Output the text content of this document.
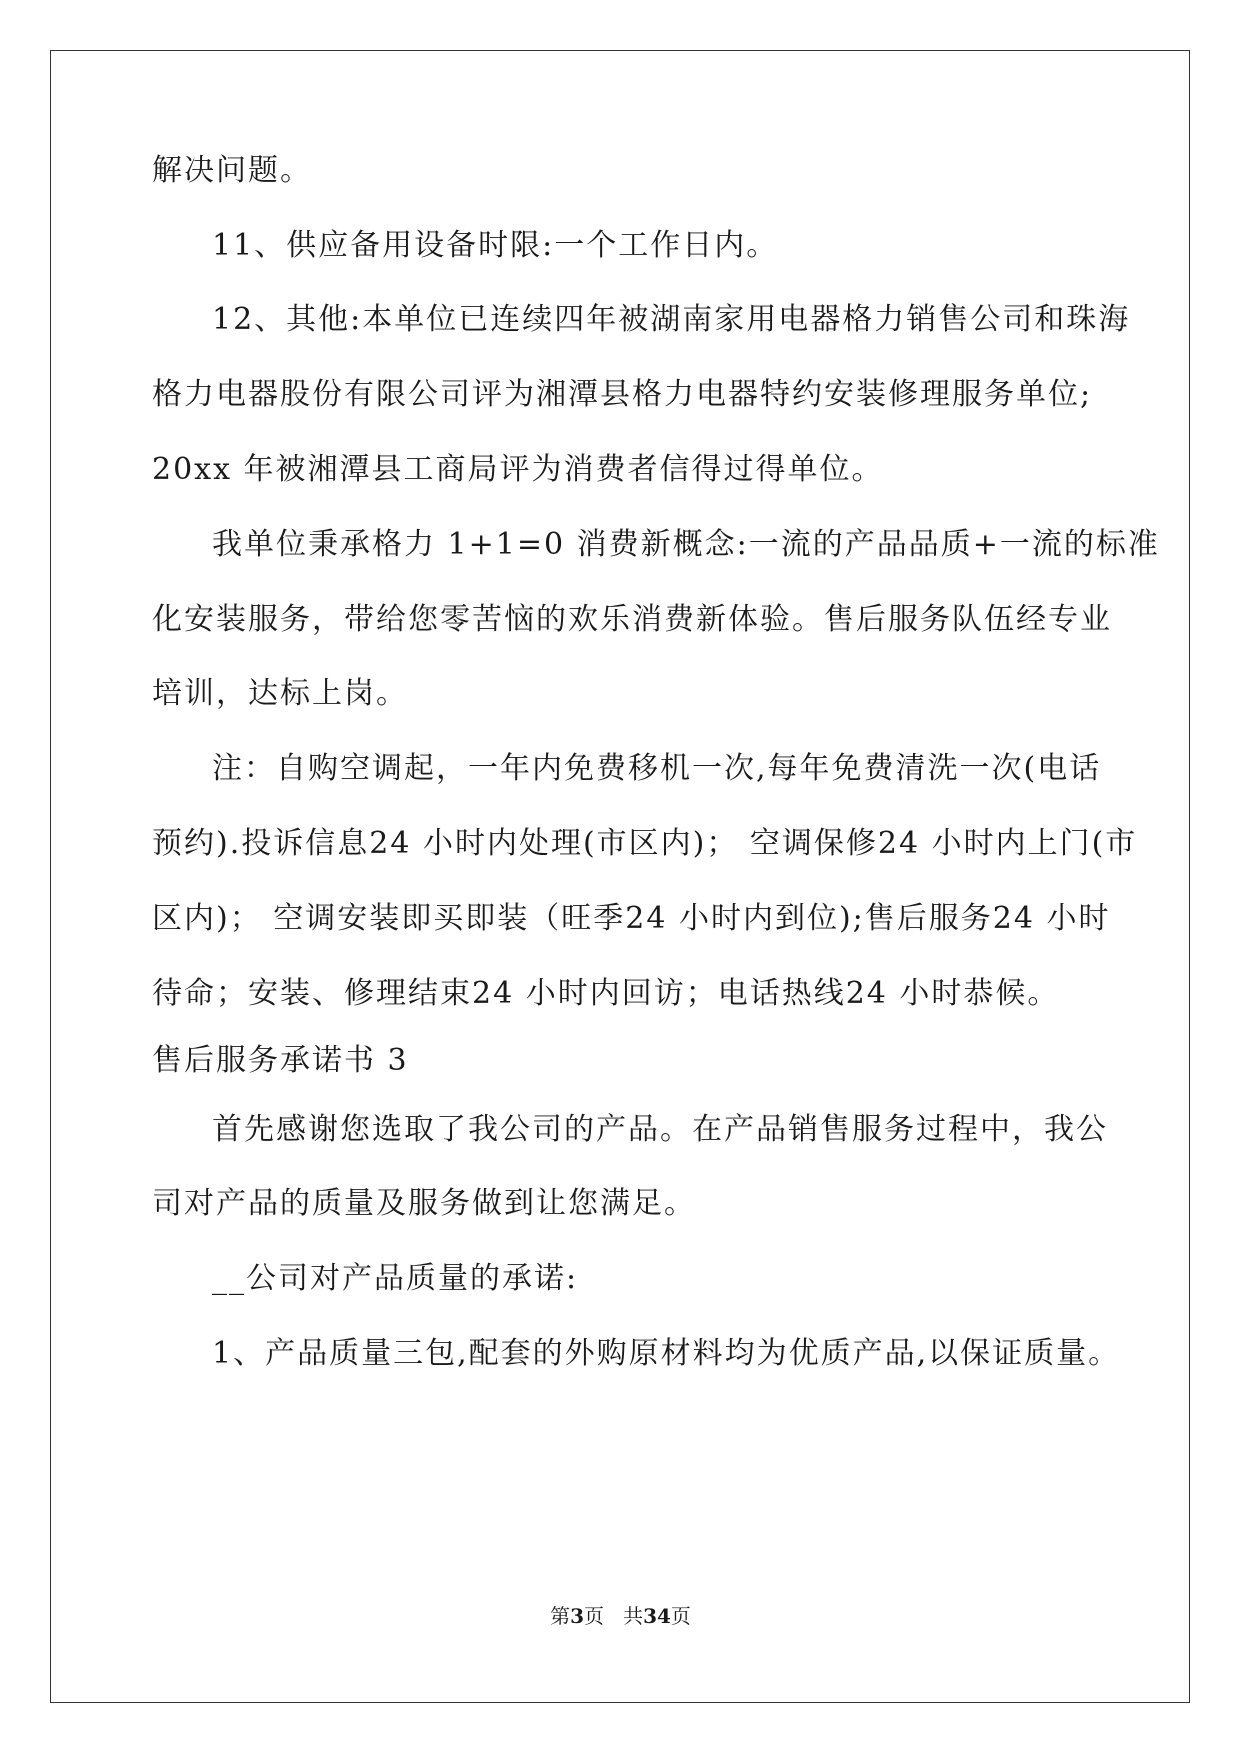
解决问题。
11、供应备用设备时限:一个工作日内。
12、其他:本单位已连续四年被湖南家用电器格力销售公司和珠海
格力电器股份有限公司评为湘潭县格力电器特约安装修理服务单位;
20xx 年被湘潭县工商局评为消费者信得过得单位。
我单位秉承格力 1+1=0 消费新概念:一流的产品品质+一流的标准
化安装服务，带给您零苦恼的欢乐消费新体验。售后服务队伍经专业
培训，达标上岗。
注：自购空调起，一年内免费移机一次,每年免费清洗一次(电话
预约).投诉信息24 小时内处理(市区内)； 空调保修24 小时内上门(市
区内)； 空调安装即买即装（旺季24 小时内到位);售后服务24 小时
待命；安装、修理结束24 小时内回访；电话热线24 小时恭候。
售后服务承诺书 3
首先感谢您选取了我公司的产品。在产品销售服务过程中，我公
司对产品的质量及服务做到让您满足。
__公司对产品质量的承诺:
1、产品质量三包,配套的外购原材料均为优质产品,以保证质量。
第3页 共34页
